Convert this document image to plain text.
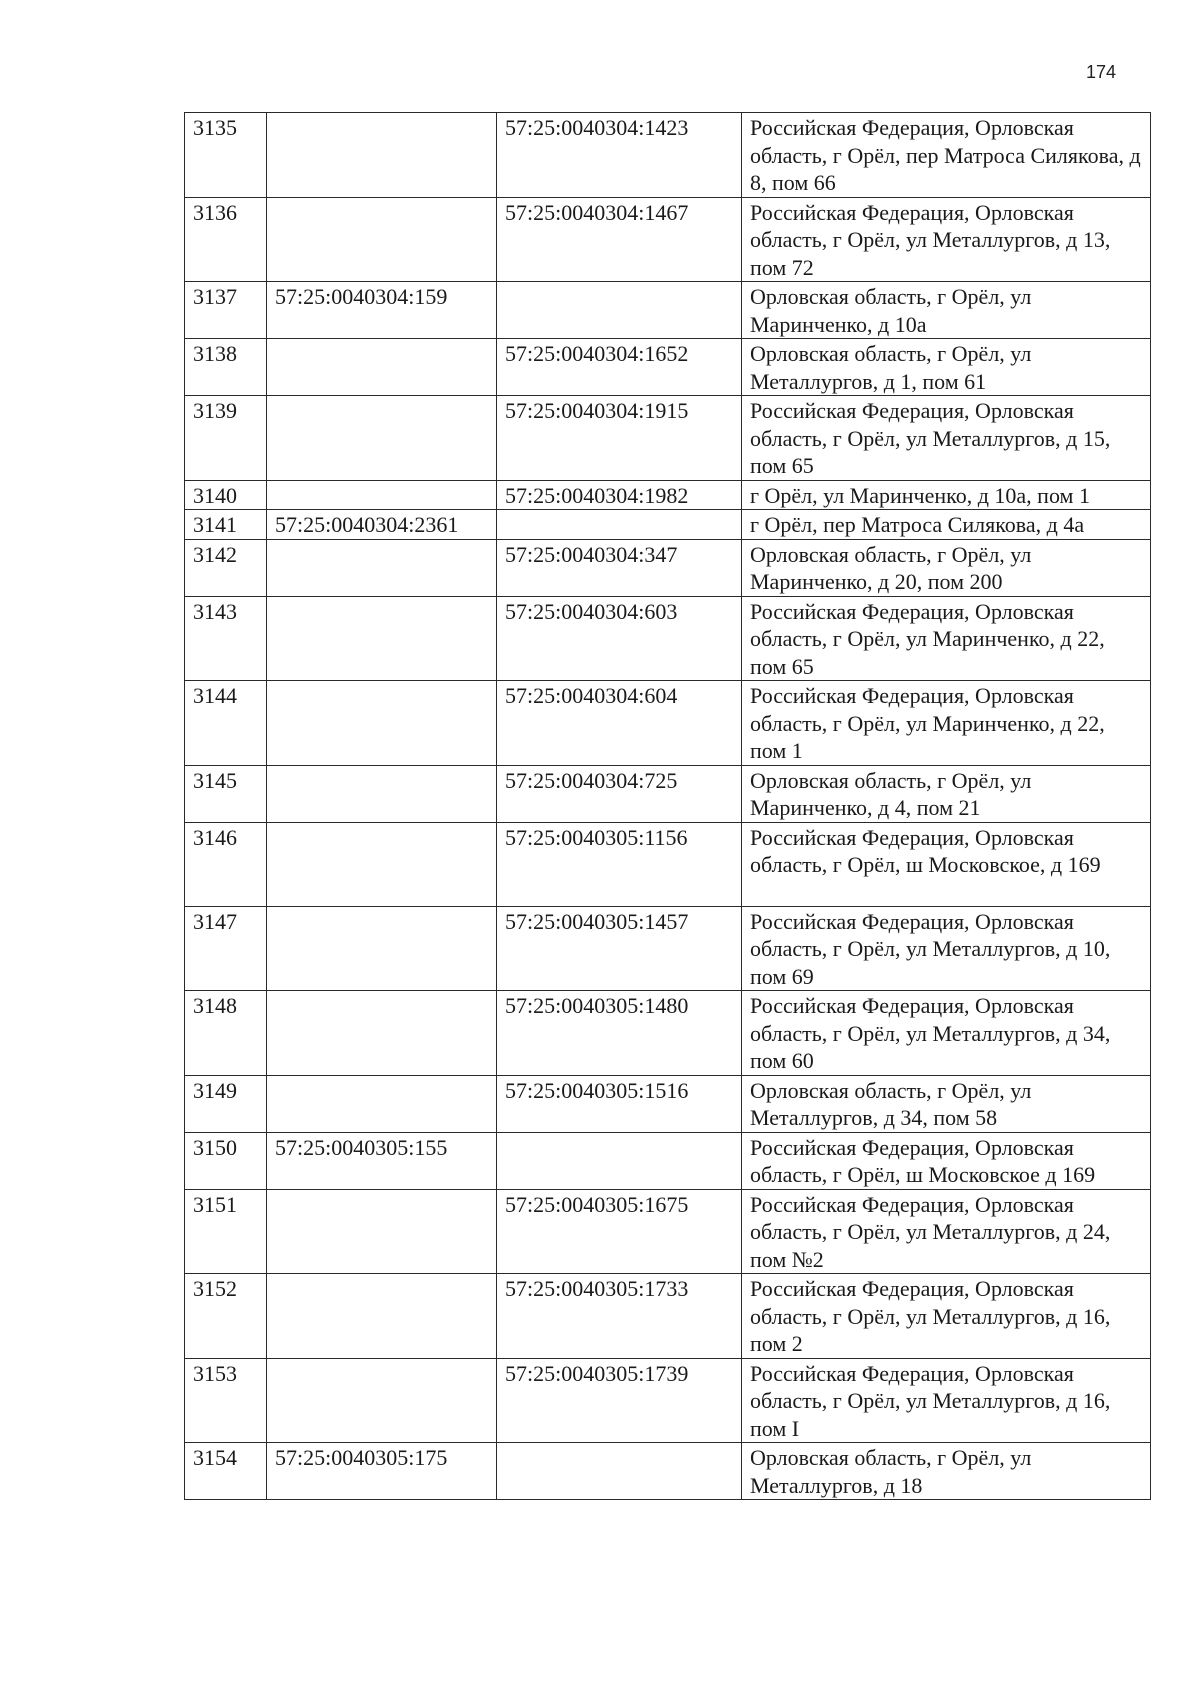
174
3135		57:25:0040304:1423	Российская Федерация, Орловская область, г Орёл, пер Матроса Силякова, д 8, пом 66
3136		57:25:0040304:1467	Российская Федерация, Орловская область, г Орёл, ул Металлургов, д 13, пом 72
3137	57:25:0040304:159		Орловская область, г Орёл, ул Маринченко, д 10а
3138		57:25:0040304:1652	Орловская область, г Орёл, ул Металлургов, д 1, пом 61
3139		57:25:0040304:1915	Российская Федерация, Орловская область, г Орёл, ул Металлургов, д 15, пом 65
3140		57:25:0040304:1982	г Орёл, ул Маринченко, д 10а, пом 1
3141	57:25:0040304:2361		г Орёл, пер Матроса Силякова, д 4а
3142		57:25:0040304:347	Орловская область, г Орёл, ул Маринченко, д 20, пом 200
3143		57:25:0040304:603	Российская Федерация, Орловская область, г Орёл, ул Маринченко, д 22, пом 65
3144		57:25:0040304:604	Российская Федерация, Орловская область, г Орёл, ул Маринченко, д 22, пом 1
3145		57:25:0040304:725	Орловская область, г Орёл, ул Маринченко, д 4, пом 21
3146		57:25:0040305:1156	Российская Федерация, Орловская область, г Орёл, ш Московское, д 169
3147		57:25:0040305:1457	Российская Федерация, Орловская область, г Орёл, ул Металлургов, д 10, пом 69
3148		57:25:0040305:1480	Российская Федерация, Орловская область, г Орёл, ул Металлургов, д 34, пом 60
3149		57:25:0040305:1516	Орловская область, г Орёл, ул Металлургов, д 34, пом 58
3150	57:25:0040305:155		Российская Федерация, Орловская область, г Орёл, ш Московское д 169
3151		57:25:0040305:1675	Российская Федерация, Орловская область, г Орёл, ул Металлургов, д 24, пом №2
3152		57:25:0040305:1733	Российская Федерация, Орловская область, г Орёл, ул Металлургов, д 16, пом 2
3153		57:25:0040305:1739	Российская Федерация, Орловская область, г Орёл, ул Металлургов, д 16, пом I
3154	57:25:0040305:175		Орловская область, г Орёл, ул Металлургов, д 18
